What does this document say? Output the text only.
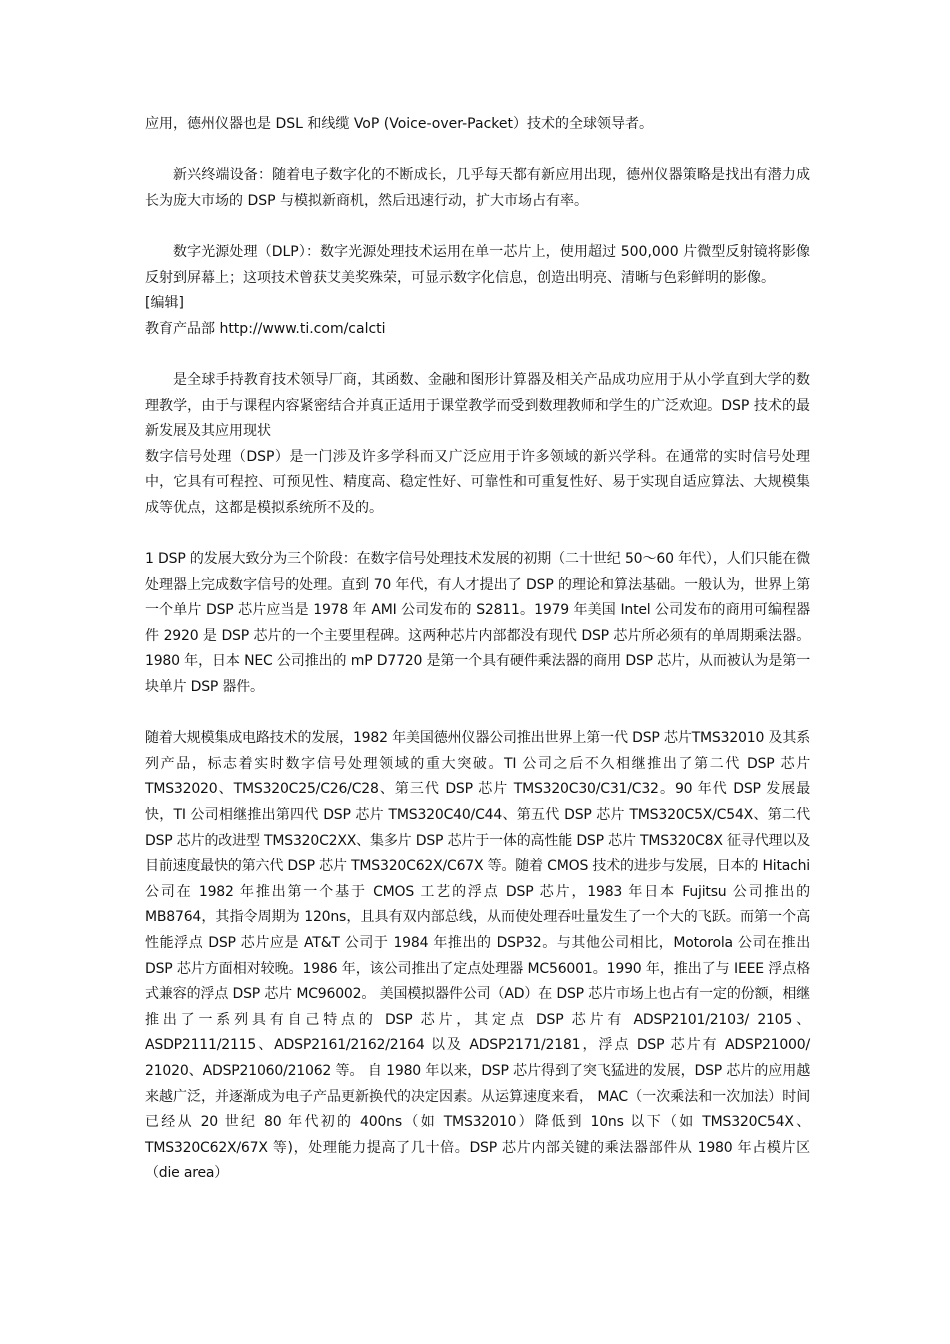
应用，德州仪器也是 DSL 和线缆 VoP (Voice-over-Packet）技术的全球领导者。

新兴终端设备：随着电子数字化的不断成长，几乎每天都有新应用出现，德州仪器策略是找出有潜力成长为庞大市场的 DSP 与模拟新商机，然后迅速行动，扩大市场占有率。

数字光源处理（DLP）：数字光源处理技术运用在单一芯片上，使用超过 500,000 片微型反射镜将影像反射到屏幕上；这项技术曾获艾美奖殊荣，可显示数字化信息，创造出明亮、清晰与色彩鲜明的影像。

[编辑]

教育产品部 http://www.ti.com/calcti

是全球手持教育技术领导厂商，其函数、金融和图形计算器及相关产品成功应用于从小学直到大学的数理教学，由于与课程内容紧密结合并真正适用于课堂教学而受到数理教师和学生的广泛欢迎。DSP 技术的最新发展及其应用现状

数字信号处理（DSP）是一门涉及许多学科而又广泛应用于许多领域的新兴学科。在通常的实时信号处理中，它具有可程控、可预见性、精度高、稳定性好、可靠性和可重复性好、易于实现自适应算法、大规模集成等优点，这都是模拟系统所不及的。

1 DSP 的发展大致分为三个阶段：在数字信号处理技术发展的初期（二十世纪 50～60 年代），人们只能在微处理器上完成数字信号的处理。直到 70 年代，有人才提出了 DSP 的理论和算法基础。一般认为，世界上第一个单片 DSP 芯片应当是 1978 年 AMI 公司发布的 S2811。1979 年美国 Intel 公司发布的商用可编程器件 2920 是 DSP 芯片的一个主要里程碑。这两种芯片内部都没有现代 DSP 芯片所必须有的单周期乘法器。1980 年，日本 NEC 公司推出的 mP D7720 是第一个具有硬件乘法器的商用 DSP 芯片，从而被认为是第一块单片 DSP 器件。

随着大规模集成电路技术的发展，1982 年美国德州仪器公司推出世界上第一代 DSP 芯片TMS32010 及其系列产品，标志着实时数字信号处理领域的重大突破。TI 公司之后不久相继推出了第二代 DSP 芯片 TMS32020、TMS320C25/C26/C28、第三代 DSP 芯片 TMS320C30/C31/C32。90 年代 DSP 发展最快，TI 公司相继推出第四代 DSP 芯片 TMS320C40/C44、第五代 DSP 芯片 TMS320C5X/C54X、第二代 DSP 芯片的改进型 TMS320C2XX、集多片 DSP 芯片于一体的高性能 DSP 芯片 TMS320C8X 征寻代理以及目前速度最快的第六代 DSP 芯片 TMS320C62X/C67X 等。随着 CMOS 技术的进步与发展，日本的 Hitachi 公司在 1982 年推出第一个基于 CMOS 工艺的浮点 DSP 芯片，1983 年日本 Fujitsu 公司推出的 MB8764，其指令周期为 120ns，且具有双内部总线，从而使处理吞吐量发生了一个大的飞跃。而第一个高性能浮点 DSP 芯片应是 AT&T 公司于 1984 年推出的 DSP32。与其他公司相比，Motorola 公司在推出 DSP 芯片方面相对较晚。1986 年，该公司推出了定点处理器 MC56001。1990 年，推出了与 IEEE 浮点格式兼容的浮点 DSP 芯片 MC96002。 美国模拟器件公司（AD）在 DSP 芯片市场上也占有一定的份额，相继推出了一系列具有自己特点的 DSP 芯片，其定点 DSP 芯片有 ADSP2101/2103/ 2105、ASDP2111/2115、ADSP2161/2162/2164 以及 ADSP2171/2181，浮点 DSP 芯片有 ADSP21000/ 21020、ADSP21060/21062 等。 自 1980 年以来，DSP 芯片得到了突飞猛进的发展，DSP 芯片的应用越来越广泛，并逐渐成为电子产品更新换代的决定因素。从运算速度来看， MAC（一次乘法和一次加法）时间已经从 20 世纪 80 年代初的 400ns（如 TMS32010）降低到 10ns 以下（如 TMS320C54X、TMS320C62X/67X 等)，处理能力提高了几十倍。DSP 芯片内部关键的乘法器部件从 1980 年占模片区（die area）
